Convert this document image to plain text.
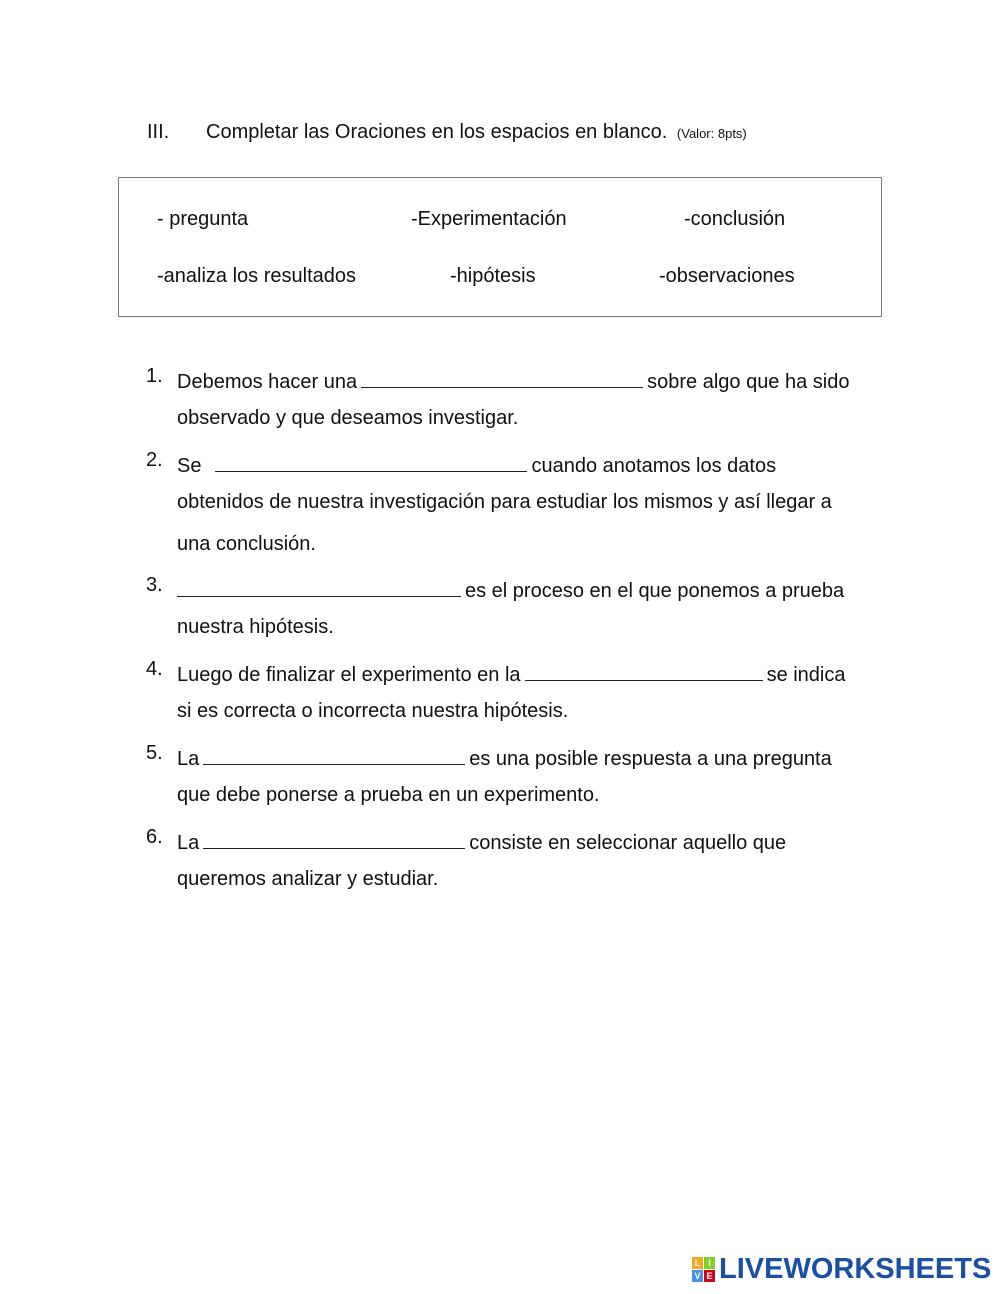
III. Completar las Oraciones en los espacios en blanco. (Valor: 8pts)
- pregunta	-Experimentación	-conclusión
-analiza los resultados	-hipótesis	-observaciones
1. Debemos hacer una	sobre algo que ha sido
observado y que deseamos investigar.
2. Se	cuando anotamos los datos
obtenidos de nuestra investigación para estudiar los mismos y así llegar a
una conclusión.
3.	es el proceso en el que ponemos a prueba
nuestra hipótesis.
4. Luego de finalizar el experimento en la	se indica
si es correcta o incorrecta nuestra hipótesis.
5. La	es una posible respuesta a una pregunta
que debe ponerse a prueba en un experimento.
6. La	consiste en seleccionar aquello que
queremos analizar y estudiar.
L I
V E LIVEWORKSHEETS
